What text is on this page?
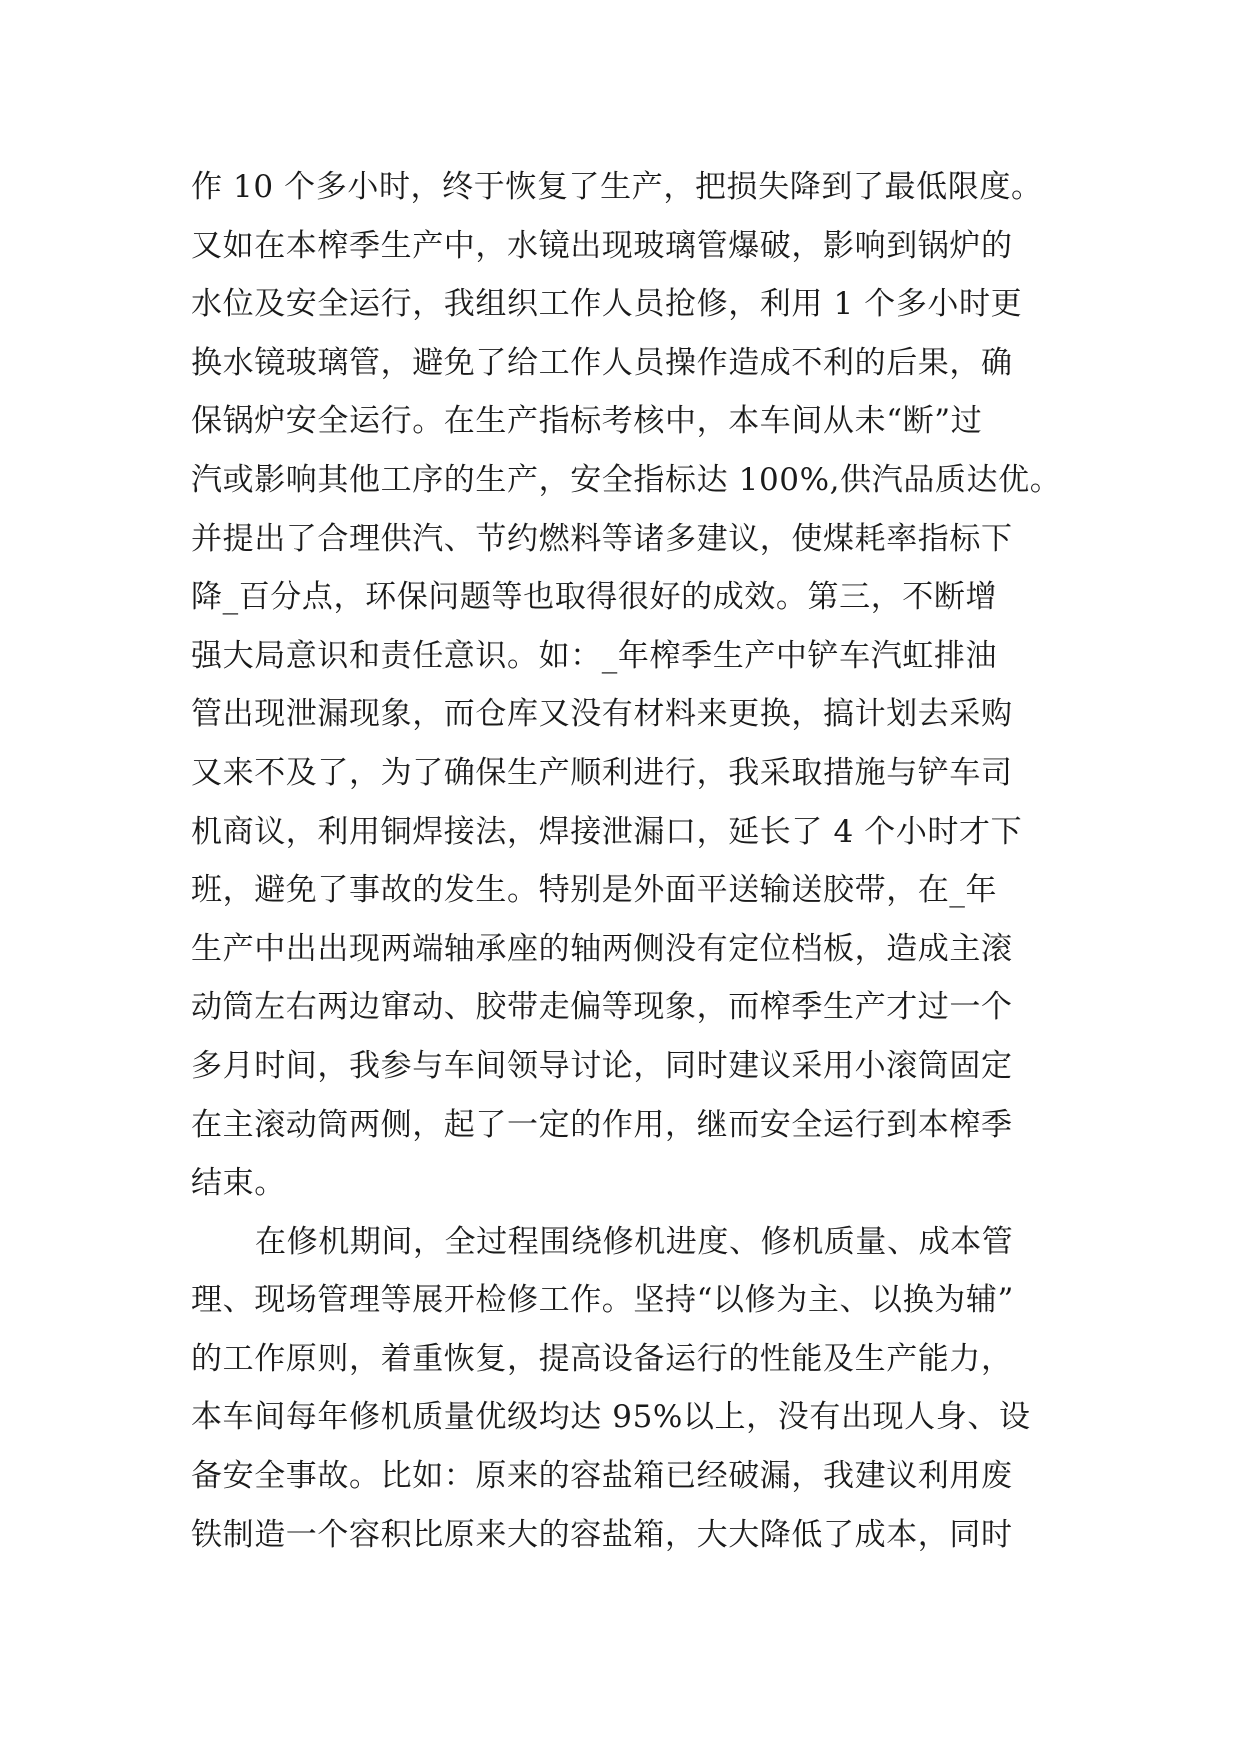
作 10 个多小时，终于恢复了生产，把损失降到了最低限度。
又如在本榨季生产中，水镜出现玻璃管爆破，影响到锅炉的
水位及安全运行，我组织工作人员抢修，利用 1 个多小时更
换水镜玻璃管，避免了给工作人员操作造成不利的后果，确
保锅炉安全运行。在生产指标考核中，本车间从未“断”过
汽或影响其他工序的生产，安全指标达 100%,供汽品质达优。
并提出了合理供汽、节约燃料等诸多建议，使煤耗率指标下
降_百分点，环保问题等也取得很好的成效。第三，不断增
强大局意识和责任意识。如：_年榨季生产中铲车汽虹排油
管出现泄漏现象，而仓库又没有材料来更换，搞计划去采购
又来不及了，为了确保生产顺利进行，我采取措施与铲车司
机商议，利用铜焊接法，焊接泄漏口，延长了 4 个小时才下
班，避免了事故的发生。特别是外面平送输送胶带，在_年
生产中出出现两端轴承座的轴两侧没有定位档板，造成主滚
动筒左右两边窜动、胶带走偏等现象，而榨季生产才过一个
多月时间，我参与车间领导讨论，同时建议采用小滚筒固定
在主滚动筒两侧，起了一定的作用，继而安全运行到本榨季
结束。
在修机期间，全过程围绕修机进度、修机质量、成本管
理、现场管理等展开检修工作。坚持“以修为主、以换为辅”
的工作原则，着重恢复，提高设备运行的性能及生产能力，
本车间每年修机质量优级均达 95%以上，没有出现人身、设
备安全事故。比如：原来的容盐箱已经破漏，我建议利用废
铁制造一个容积比原来大的容盐箱，大大降低了成本，同时
